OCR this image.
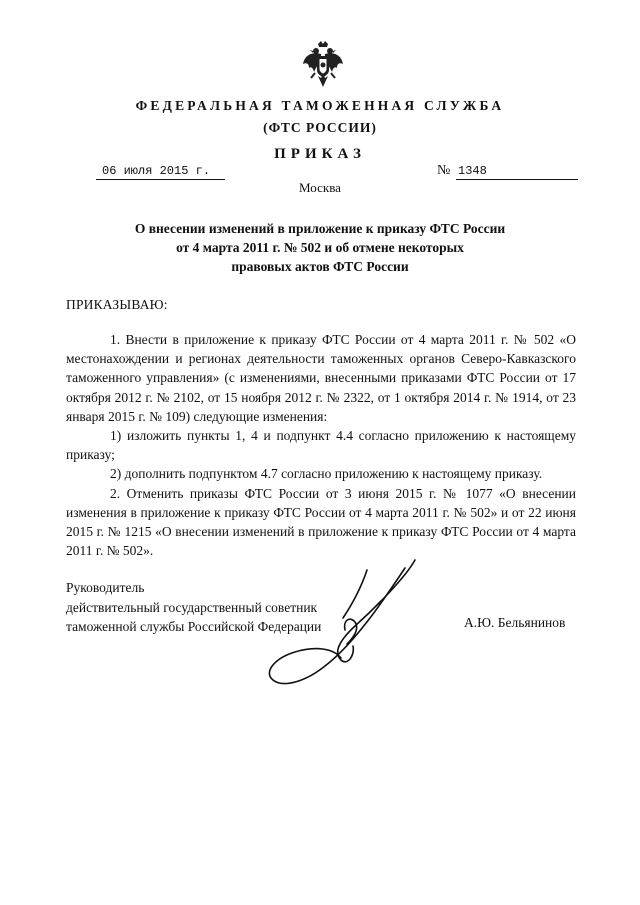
ФЕДЕРАЛЬНАЯ ТАМОЖЕННАЯ СЛУЖБА
(ФТС РОССИИ)
ПРИКАЗ
06 июля 2015 г.	№ 1348
Москва
О внесении изменений в приложение к приказу ФТС России
от 4 марта 2011 г. № 502 и об отмене некоторых
правовых актов ФТС России
ПРИКАЗЫВАЮ:

1. Внести в приложение к приказу ФТС России от 4 марта 2011 г. № 502 «О местонахождении и регионах деятельности таможенных органов Северо-Кавказского таможенного управления» (с изменениями, внесенными приказами ФТС России от 17 октября 2012 г. № 2102, от 15 ноября 2012 г. № 2322, от 1 октября 2014 г. № 1914, от 23 января 2015 г. № 109) следующие изменения:

1) изложить пункты 1, 4 и подпункт 4.4 согласно приложению к настоящему приказу;

2) дополнить подпунктом 4.7 согласно приложению к настоящему приказу.

2. Отменить приказы ФТС России от 3 июня 2015 г. № 1077 «О внесении изменения в приложение к приказу ФТС России от 4 марта 2011 г. № 502» и от 22 июня 2015 г. № 1215 «О внесении изменений в приложение к приказу ФТС России от 4 марта 2011 г. № 502».

Руководитель
действительный государственный советник
таможенной службы Российской Федерации	А.Ю. Бельянинов
